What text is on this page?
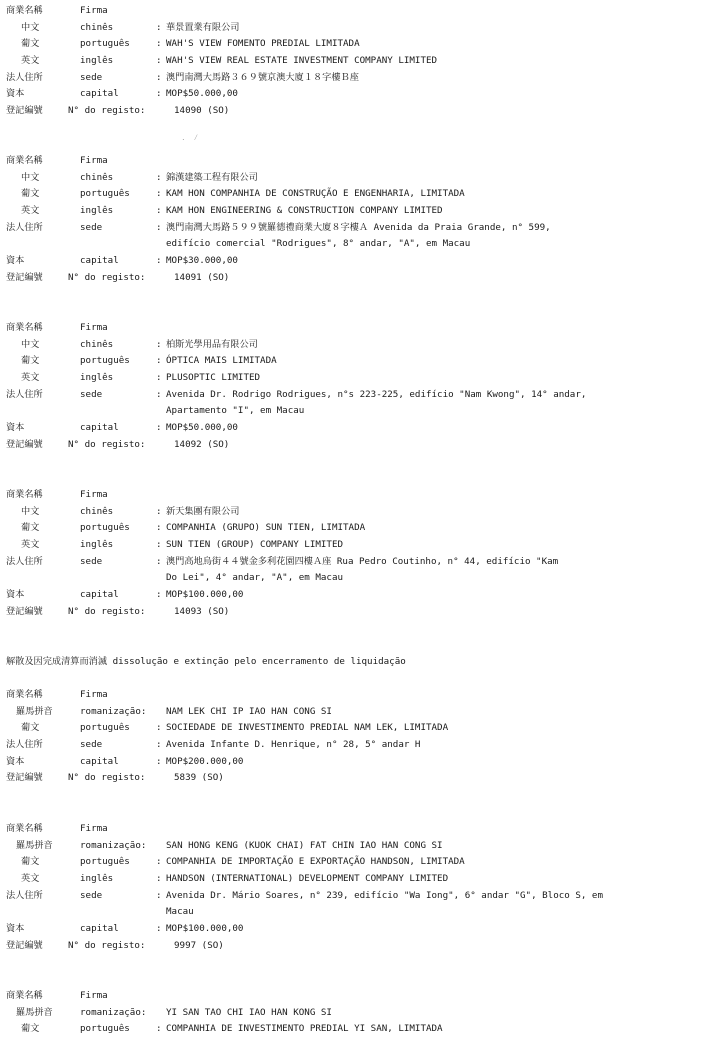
商業名稱	Firma
中文	chinês	: 華景置業有限公司
葡文	português	: WAH'S VIEW FOMENTO PREDIAL LIMITADA
英文	inglês	: WAH'S VIEW REAL ESTATE INVESTMENT COMPANY LIMITED
法人住所	sede	: 澳門南灣大馬路３６９號京澳大廈１８字樓Ｂ座
資本	capital	: MOP$50.000,00
登記編號	N° do registo:	14090 (SO)
․ ⁄
商業名稱	Firma
中文	chinês	: 錦漢建築工程有限公司
葡文	português	: KAM HON COMPANHIA DE CONSTRUÇÃO E ENGENHARIA, LIMITADA
英文	inglês	: KAM HON ENGINEERING & CONSTRUCTION COMPANY LIMITED
法人住所	sede	: 澳門南灣大馬路５９９號羅德禮商業大廈８字樓Ａ Avenida da Praia Grande, n° 599,
edifício comercial "Rodrigues", 8° andar, "A", em Macau
資本	capital	: MOP$30.000,00
登記編號	N° do registo:	14091 (SO)
商業名稱	Firma
中文	chinês	: 柏斯光學用品有限公司
葡文	português	: ÓPTICA MAIS LIMITADA
英文	inglês	: PLUSOPTIC LIMITED
法人住所	sede	: Avenida Dr. Rodrigo Rodrigues, n°s 223-225, edifício "Nam Kwong", 14° andar,
Apartamento "I", em Macau
資本	capital	: MOP$50.000,00
登記編號	N° do registo:	14092 (SO)
商業名稱	Firma
中文	chinês	: 新天集團有限公司
葡文	português	: COMPANHIA (GRUPO) SUN TIEN, LIMITADA
英文	inglês	: SUN TIEN (GROUP) COMPANY LIMITED
法人住所	sede	: 澳門高地烏街４４號金多利花園四樓Ａ座 Rua Pedro Coutinho, n° 44, edifício "Kam
Do Lei", 4° andar, "A", em Macau
資本	capital	: MOP$100.000,00
登記編號	N° do registo:	14093 (SO)
解散及因完成清算而消滅 dissolução e extinção pelo encerramento de liquidação
商業名稱	Firma
羅馬拼音	romanização: NAM LEK CHI IP IAO HAN CONG SI
葡文	português	: SOCIEDADE DE INVESTIMENTO PREDIAL NAM LEK, LIMITADA
法人住所	sede	: Avenida Infante D. Henrique, n° 28, 5° andar H
資本	capital	: MOP$200.000,00
登記編號	N° do registo:	5839 (SO)
商業名稱	Firma
羅馬拼音	romanização: SAN HONG KENG (KUOK CHAI) FAT CHIN IAO HAN CONG SI
葡文	português	: COMPANHIA DE IMPORTAÇÃO E EXPORTAÇÃO HANDSON, LIMITADA
英文	inglês	: HANDSON (INTERNATIONAL) DEVELOPMENT COMPANY LIMITED
法人住所	sede	: Avenida Dr. Mário Soares, n° 239, edifício "Wa Iong", 6° andar "G", Bloco S, em
Macau
資本	capital	: MOP$100.000,00
登記編號	N° do registo:	9997 (SO)
商業名稱	Firma
羅馬拼音	romanização: YI SAN TAO CHI IAO HAN KONG SI
葡文	português	: COMPANHIA DE INVESTIMENTO PREDIAL YI SAN, LIMITADA
